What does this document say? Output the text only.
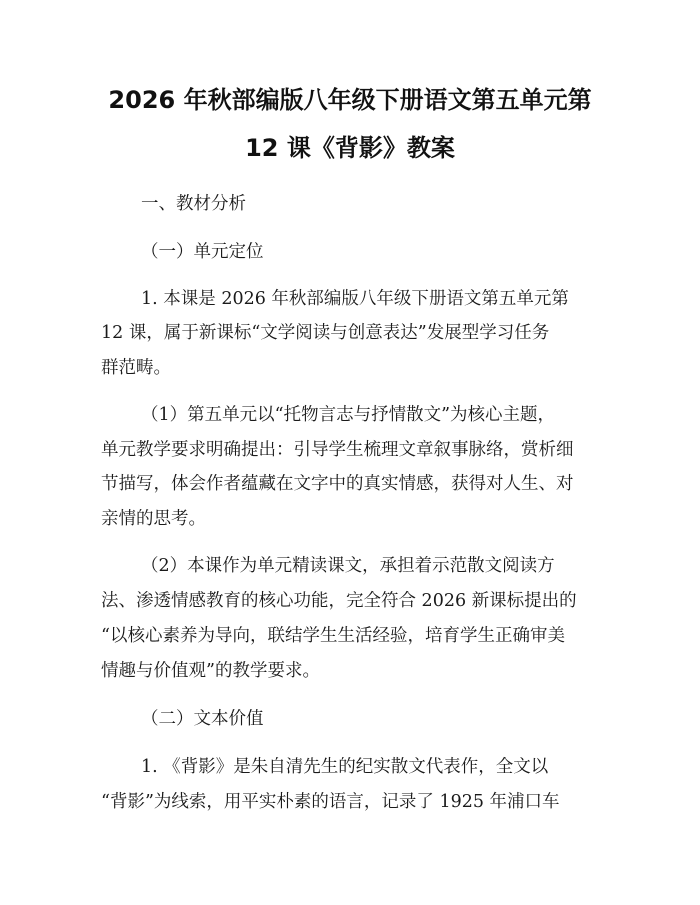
2026 年秋部编版八年级下册语文第五单元第
12 课《背影》教案
一、教材分析
（一）单元定位
1. 本课是 2026 年秋部编版八年级下册语文第五单元第
12 课，属于新课标“文学阅读与创意表达”发展型学习任务
群范畴。
（1）第五单元以“托物言志与抒情散文”为核心主题，
单元教学要求明确提出：引导学生梳理文章叙事脉络，赏析细
节描写，体会作者蕴藏在文字中的真实情感，获得对人生、对
亲情的思考。
（2）本课作为单元精读课文，承担着示范散文阅读方
法、渗透情感教育的核心功能，完全符合 2026 新课标提出的
“以核心素养为导向，联结学生生活经验，培育学生正确审美
情趣与价值观”的教学要求。
（二）文本价值
1. 《背影》是朱自清先生的纪实散文代表作，全文以
“背影”为线索，用平实朴素的语言，记录了 1925 年浦口车
